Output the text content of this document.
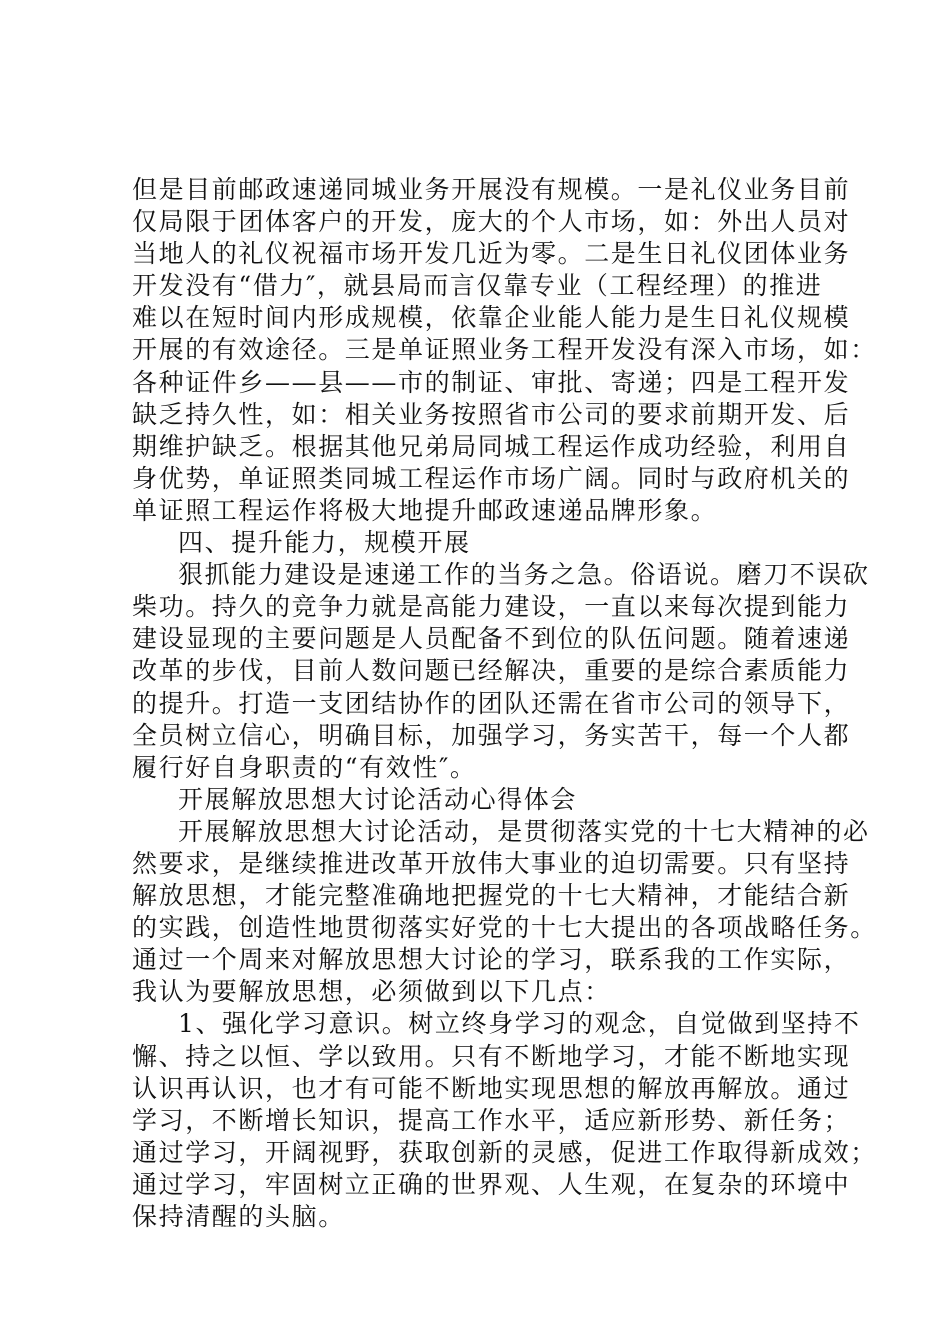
但是目前邮政速递同城业务开展没有规模。一是礼仪业务目前

仅局限于团体客户的开发，庞大的个人市场，如：外出人员对

当地人的礼仪祝福市场开发几近为零。二是生日礼仪团体业务

开发没有“借力″，就县局而言仅靠专业（工程经理）的推进

难以在短时间内形成规模，依靠企业能人能力是生日礼仪规模

开展的有效途径。三是单证照业务工程开发没有深入市场，如：

各种证件乡——县——市的制证、审批、寄递；四是工程开发

缺乏持久性，如：相关业务按照省市公司的要求前期开发、后

期维护缺乏。根据其他兄弟局同城工程运作成功经验，利用自

身优势，单证照类同城工程运作市场广阔。同时与政府机关的

单证照工程运作将极大地提升邮政速递品牌形象。

四、提升能力，规模开展

狠抓能力建设是速递工作的当务之急。俗语说。磨刀不误砍

柴功。持久的竞争力就是高能力建设，一直以来每次提到能力

建设显现的主要问题是人员配备不到位的队伍问题。随着速递

改革的步伐，目前人数问题已经解决，重要的是综合素质能力

的提升。打造一支团结协作的团队还需在省市公司的领导下，

全员树立信心，明确目标，加强学习，务实苦干，每一个人都

履行好自身职责的“有效性″。

开展解放思想大讨论活动心得体会

开展解放思想大讨论活动，是贯彻落实党的十七大精神的必

然要求，是继续推进改革开放伟大事业的迫切需要。只有坚持

解放思想，才能完整准确地把握党的十七大精神，才能结合新

的实践，创造性地贯彻落实好党的十七大提出的各项战略任务。

通过一个周来对解放思想大讨论的学习，联系我的工作实际，

我认为要解放思想，必须做到以下几点：

1、强化学习意识。树立终身学习的观念，自觉做到坚持不

懈、持之以恒、学以致用。只有不断地学习，才能不断地实现

认识再认识，也才有可能不断地实现思想的解放再解放。通过

学习，不断增长知识，提高工作水平，适应新形势、新任务；

通过学习，开阔视野，获取创新的灵感，促进工作取得新成效；

通过学习，牢固树立正确的世界观、人生观，在复杂的环境中

保持清醒的头脑。
